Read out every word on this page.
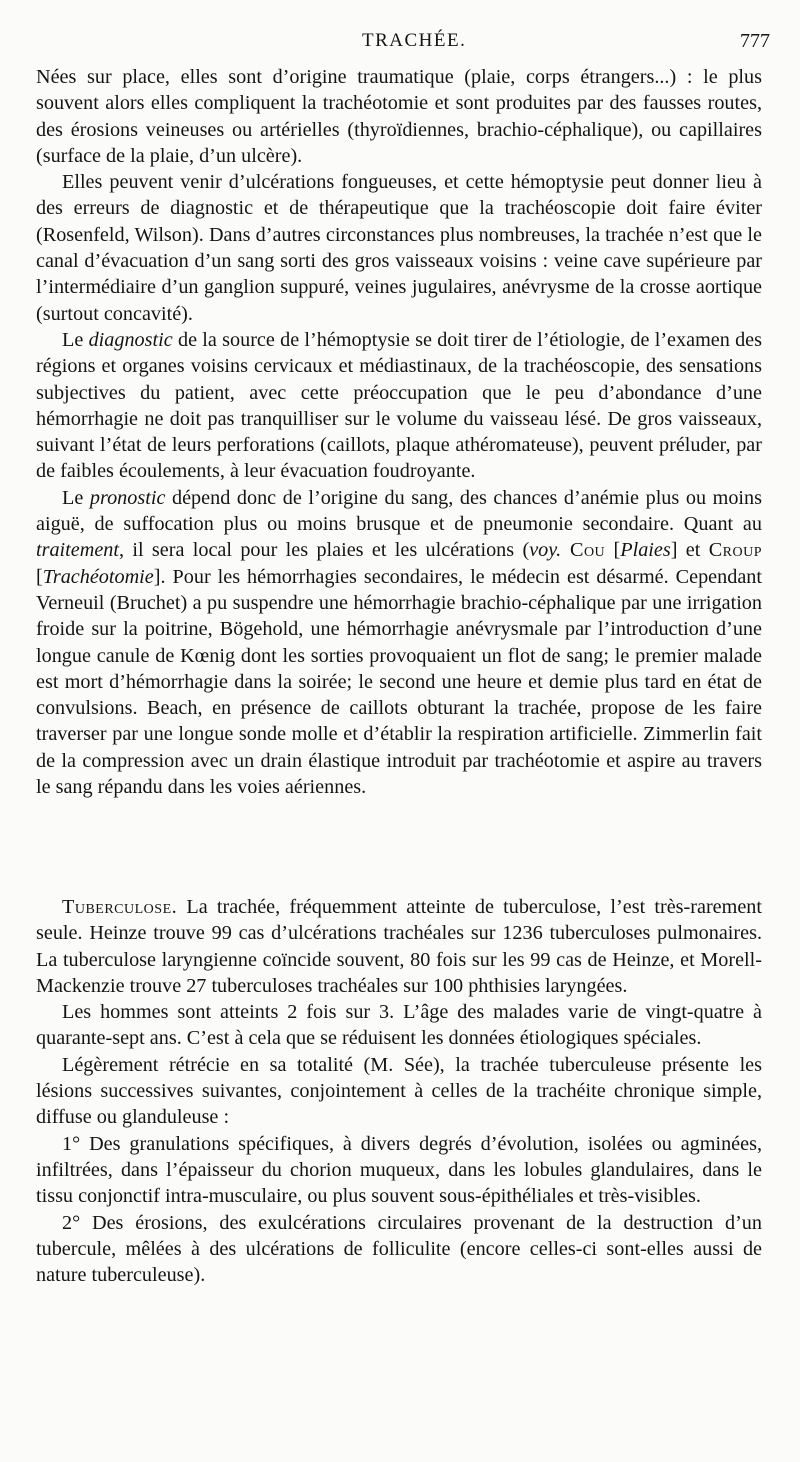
TRACHÉE.	777

Nées sur place, elles sont d’origine traumatique (plaie, corps étrangers...) : le plus souvent alors elles compliquent la trachéotomie et sont produites par des fausses routes, des érosions veineuses ou artérielles (thyroïdiennes, brachio-céphalique), ou capillaires (surface de la plaie, d’un ulcère).

Elles peuvent venir d’ulcérations fongueuses, et cette hémoptysie peut donner lieu à des erreurs de diagnostic et de thérapeutique que la trachéoscopie doit faire éviter (Rosenfeld, Wilson). Dans d’autres circonstances plus nombreuses, la trachée n’est que le canal d’évacuation d’un sang sorti des gros vaisseaux voisins : veine cave supérieure par l’intermédiaire d’un ganglion suppuré, veines jugulaires, anévrysme de la crosse aortique (surtout concavité).

Le diagnostic de la source de l’hémoptysie se doit tirer de l’étiologie, de l’examen des régions et organes voisins cervicaux et médiastinaux, de la trachéoscopie, des sensations subjectives du patient, avec cette préoccupation que le peu d’abondance d’une hémorrhagie ne doit pas tranquilliser sur le volume du vaisseau lésé. De gros vaisseaux, suivant l’état de leurs perforations (caillots, plaque athéromateuse), peuvent préluder, par de faibles écoulements, à leur évacuation foudroyante.

Le pronostic dépend donc de l’origine du sang, des chances d’anémie plus ou moins aiguë, de suffocation plus ou moins brusque et de pneumonie secondaire. Quant au traitement, il sera local pour les plaies et les ulcérations (voy. Cou [Plaies] et Croup [Trachéotomie]. Pour les hémorrhagies secondaires, le médecin est désarmé. Cependant Verneuil (Bruchet) a pu suspendre une hémorrhagie brachio-céphalique par une irrigation froide sur la poitrine, Bögehold, une hémorrhagie anévrysmale par l’introduction d’une longue canule de Kœnig dont les sorties provoquaient un flot de sang; le premier malade est mort d’hémorrhagie dans la soirée; le second une heure et demie plus tard en état de convulsions. Beach, en présence de caillots obturant la trachée, propose de les faire traverser par une longue sonde molle et d’établir la respiration artificielle. Zimmerlin fait de la compression avec un drain élastique introduit par trachéotomie et aspire au travers le sang répandu dans les voies aériennes.

Tuberculose. La trachée, fréquemment atteinte de tuberculose, l’est très-rarement seule. Heinze trouve 99 cas d’ulcérations trachéales sur 1236 tuberculoses pulmonaires. La tuberculose laryngienne coïncide souvent, 80 fois sur les 99 cas de Heinze, et Morell-Mackenzie trouve 27 tuberculoses trachéales sur 100 phthisies laryngées.

Les hommes sont atteints 2 fois sur 3. L’âge des malades varie de vingt-quatre à quarante-sept ans. C’est à cela que se réduisent les données étiologiques spéciales.

Légèrement rétrécie en sa totalité (M. Sée), la trachée tuberculeuse présente les lésions successives suivantes, conjointement à celles de la trachéite chronique simple, diffuse ou glanduleuse :

1° Des granulations spécifiques, à divers degrés d’évolution, isolées ou agminées, infiltrées, dans l’épaisseur du chorion muqueux, dans les lobules glandulaires, dans le tissu conjonctif intra-musculaire, ou plus souvent sous-épithéliales et très-visibles.

2° Des érosions, des exulcérations circulaires provenant de la destruction d’un tubercule, mêlées à des ulcérations de folliculite (encore celles-ci sont-elles aussi de nature tuberculeuse).
